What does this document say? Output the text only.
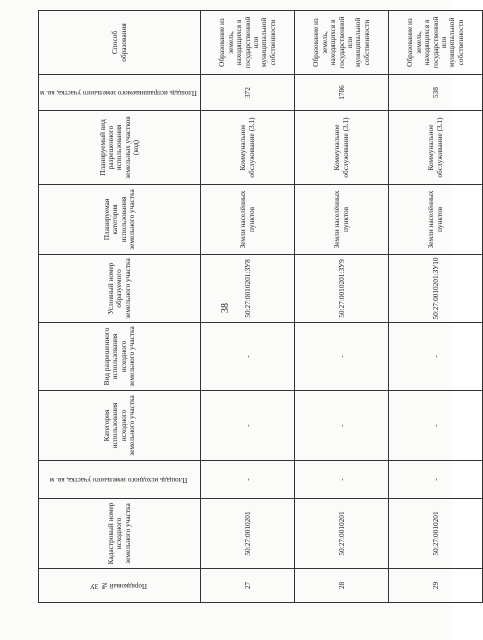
38
Порядковый № ЗУ	Кадастровый номер исходного земельного участка	Площадь исходного земельного участка, кв. м	Категория использования исходного земельного участка	Вид разрешенного использования исходного земельного участка	Условный номер образуемого земельного участка	Планируемая категория использования земельного участка	Планируемый вид разрешенного использования земельных участков (код)	Площадь испрашиваемого земельного участка, кв. м	Способ образования
27	50:27:0010201	-	-	-	50:27:0010201:ЗУ8	Земли населённых пунктов	Коммунальное обслуживание (3.1)	372	Образование из земель, находящихся в государственной или муниципальной собственности
28	50:27:0010201	-	-	-	50:27:0010201:ЗУ9	Земли населённых пунктов	Коммунальное обслуживание (3.1)	1786	Образование из земель, находящихся в государственной или муниципальной собственности
29	50:27:0010201	-	-	-	50:27:0010201:ЗУ10	Земли населённых пунктов	Коммунальное обслуживание (3.1)	538	Образование из земель, находящихся в государственной или муниципальной собственности
